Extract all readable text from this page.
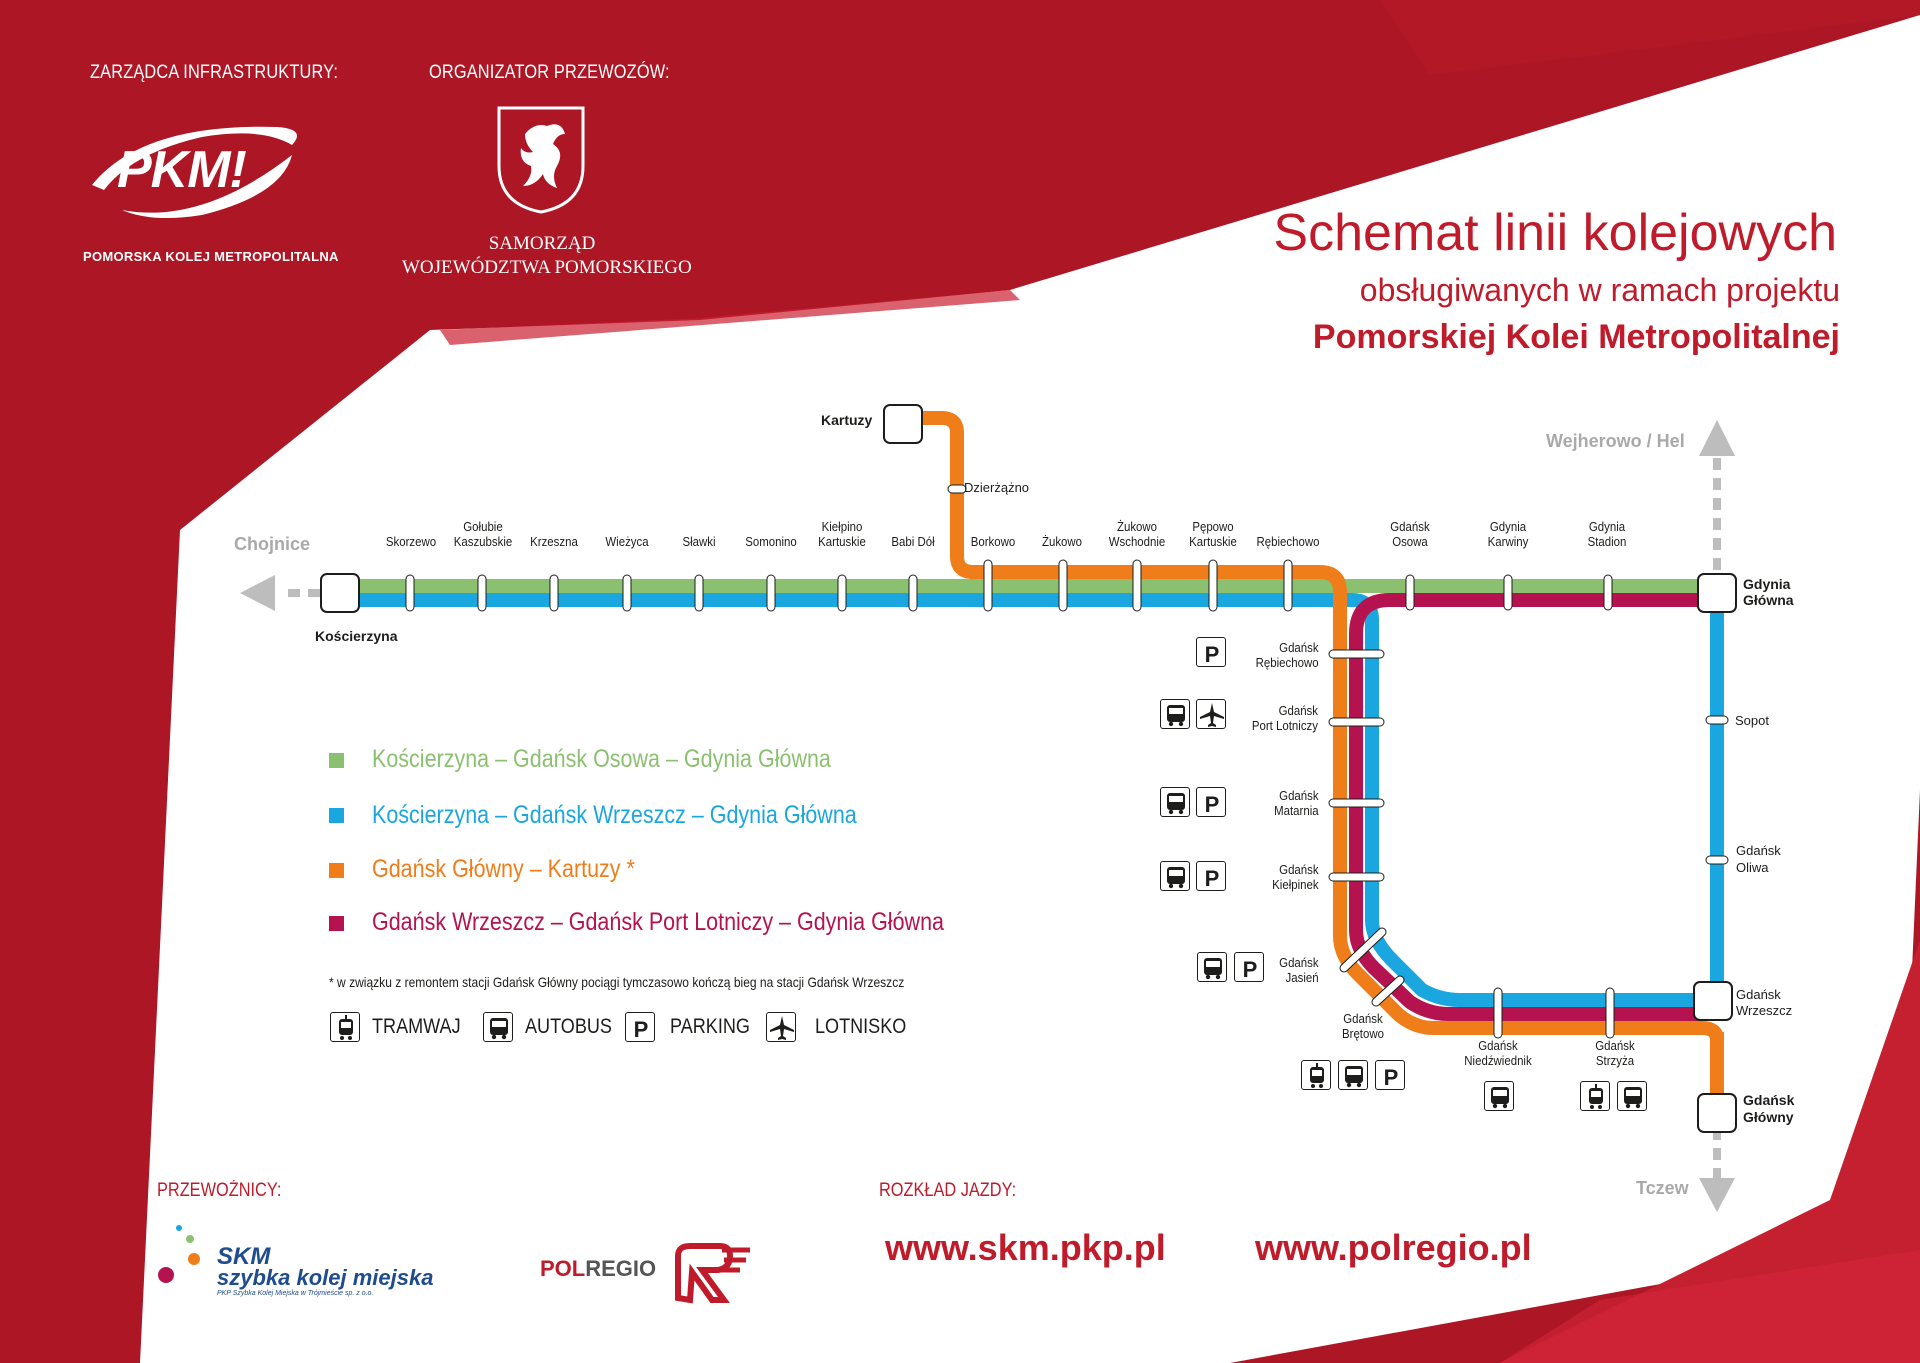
ZARZĄDCA INFRASTRUKTURY:	ORGANIZATOR PRZEWOZÓW:
PKM!
POMORSKA KOLEJ METROPOLITALNA
SAMORZĄD
WOJEWÓDZTWA POMORSKIEGO
Schemat linii kolejowych
obsługiwanych w ramach projektu
Pomorskiej Kolei Metropolitalnej
Chojnice
Wejherowo / Hel
Tczew
Kościerzyna
Kartuzy
Dzierżążno
Gdynia
Główna
Sopot
Gdańsk
Oliwa
Gdańsk
Wrzeszcz
Gdańsk
Główny
Skorzewo
Gołubie
Kaszubskie	Krzeszna	Wieżyca	Sławki	Somonino
Kiełpino
Kartuskie	Babi Dół	Borkowo	Żukowo
Żukowo
Wschodnie
Pępowo
Kartuskie	Rębiechowo
Gdańsk
Osowa
Gdynia
Karwiny
Gdynia
Stadion
Gdańsk
Rębiechowo
Gdańsk
Port Lotniczy
Gdańsk
Matarnia
Gdańsk
Kiełpinek
Gdańsk
Jasień
Gdańsk
Brętowo
Gdańsk
Niedźwiednik
Gdańsk
Strzyża
P
P
P
P
P
Kościerzyna – Gdańsk Osowa – Gdynia Główna
Kościerzyna – Gdańsk Wrzeszcz – Gdynia Główna
Gdańsk Główny – Kartuzy *
Gdańsk Wrzeszcz – Gdańsk Port Lotniczy – Gdynia Główna
* w związku z remontem stacji Gdańsk Główny pociągi tymczasowo kończą bieg na stacji Gdańsk Wrzeszcz
P
TRAMWAJ	AUTOBUS	PARKING	LOTNISKO
PRZEWOŹNICY:	ROZKŁAD JAZDY:
SKM
szybka kolej miejska
PKP Szybka Kolej Miejska w Trójmieście sp. z o.o.
POLREGIO
www.skm.pkp.pl www.polregio.pl
